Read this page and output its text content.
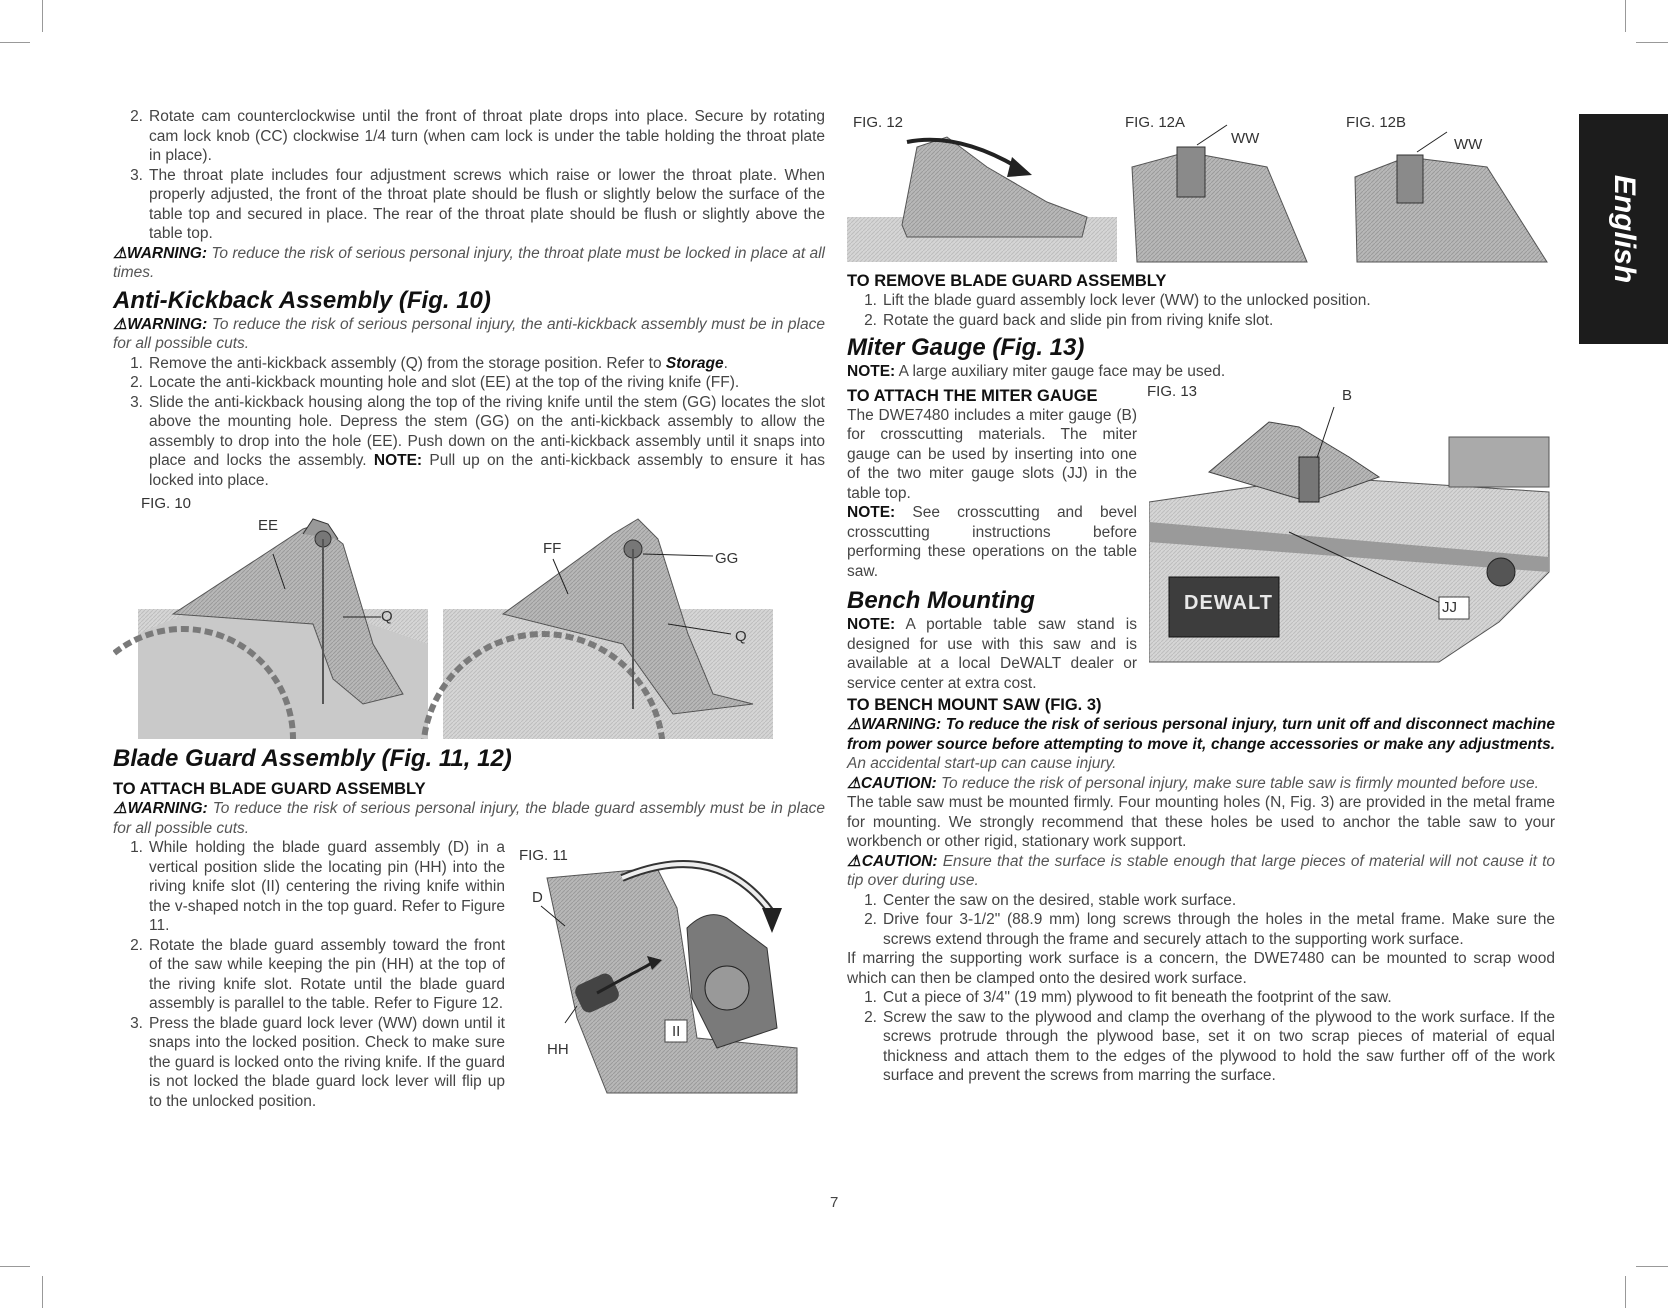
English
2. Rotate cam counterclockwise until the front of throat plate drops into place. Secure by rotating cam lock knob (CC) clockwise 1/4 turn (when cam lock is under the table holding the throat plate in place).
3. The throat plate includes four adjustment screws which raise or lower the throat plate. When properly adjusted, the front of the throat plate should be flush or slightly below the surface of the table top and secured in place. The rear of the throat plate should be flush or slightly above the table top.

⚠WARNING: To reduce the risk of serious personal injury, the throat plate must be locked in place at all times.

Anti-Kickback Assembly (Fig. 10)

⚠WARNING: To reduce the risk of serious personal injury, the anti-kickback assembly must be in place for all possible cuts.

1. Remove the anti-kickback assembly (Q) from the storage position. Refer to Storage.
2. Locate the anti-kickback mounting hole and slot (EE) at the top of the riving knife (FF).
3. Slide the anti-kickback housing along the top of the riving knife until the stem (GG) locates the slot above the mounting hole. Depress the stem (GG) on the anti-kickback assembly to allow the assembly to drop into the hole (EE). Push down on the anti-kickback assembly until it snaps into place and locks the assembly. NOTE: Pull up on the anti-kickback assembly to ensure it has locked into place.
FIG. 10
EE
Q
FF
GG
Q
Blade Guard Assembly (Fig. 11, 12)
TO ATTACH BLADE GUARD ASSEMBLY

⚠WARNING: To reduce the risk of serious personal injury, the blade guard assembly must be in place for all possible cuts.

1. While holding the blade guard assembly (D) in a vertical position slide the locating pin (HH) into the riving knife slot (II) centering the riving knife within the v-shaped notch in the top guard. Refer to Figure 11.
2. Rotate the blade guard assembly toward the front of the saw while keeping the pin (HH) at the top of the riving knife slot. Rotate until the blade guard assembly is parallel to the table. Refer to Figure 12.
3. Press the blade guard lock lever (WW) down until it snaps into the locked position. Check to make sure the guard is locked onto the riving knife. If the guard is not locked the blade guard lock lever will flip up to the unlocked position.
FIG. 11
D
II
HH
FIG. 12	FIG. 12A	FIG. 12B
WW	WW
TO REMOVE BLADE GUARD ASSEMBLY
1. Lift the blade guard assembly lock lever (WW) to the unlocked position.
2. Rotate the guard back and slide pin from riving knife slot.
Miter Gauge (Fig. 13)

NOTE: A large auxiliary miter gauge face may be used.

TO ATTACH THE MITER GAUGE

The DWE7480 includes a miter gauge (B) for crosscutting materials. The miter gauge can be used by inserting into one of the two miter gauge slots (JJ) in the table top.

NOTE: See crosscutting and bevel crosscutting instructions before performing these operations on the table saw.

Bench Mounting

NOTE: A portable table saw stand is designed for use with this saw and is available at a local DeWALT dealer or service center at extra cost.

FIG. 13	B
DEWALT	JJ
TO BENCH MOUNT SAW (FIG. 3)

⚠WARNING: To reduce the risk of serious personal injury, turn unit off and disconnect machine from power source before attempting to move it, change accessories or make any adjustments. An accidental start-up can cause injury.

⚠CAUTION: To reduce the risk of personal injury, make sure table saw is firmly mounted before use.

The table saw must be mounted firmly. Four mounting holes (N, Fig. 3) are provided in the metal frame for mounting. We strongly recommend that these holes be used to anchor the table saw to your workbench or other rigid, stationary work support.

⚠CAUTION: Ensure that the surface is stable enough that large pieces of material will not cause it to tip over during use.

1. Center the saw on the desired, stable work surface.
2. Drive four 3-1/2" (88.9 mm) long screws through the holes in the metal frame. Make sure the screws extend through the frame and securely attach to the supporting work surface.

If marring the supporting work surface is a concern, the DWE7480 can be mounted to scrap wood which can then be clamped onto the desired work surface.

1. Cut a piece of 3/4" (19 mm) plywood to fit beneath the footprint of the saw.
2. Screw the saw to the plywood and clamp the overhang of the plywood to the work surface. If the screws protrude through the plywood base, set it on two scrap pieces of material of equal thickness and attach them to the edges of the plywood to hold the saw further off of the work surface and prevent the screws from marring the surface.
7
